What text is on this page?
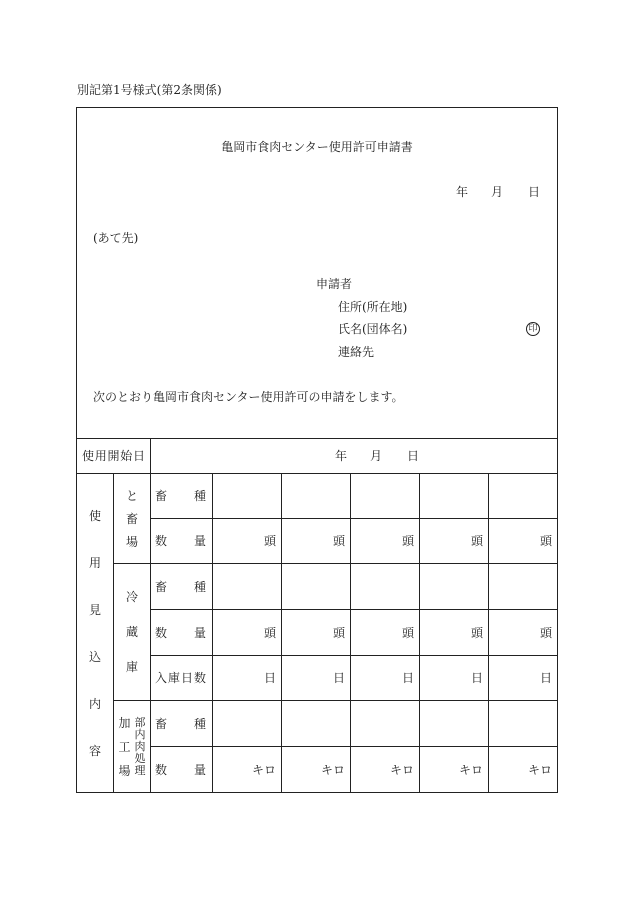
別記第1号様式(第2条関係)
亀岡市食肉センター使用許可申請書
年 月 日
(あて先)
申請者
住所(所在地)
氏名(団体名)	印
連絡先
次のとおり亀岡市食肉センター使用許可の申請をします。
使 用 開 始 日	年 月 日
使
用
見
込
内
容
と
畜
場
畜 種
数 量	頭	頭	頭	頭	頭
冷
蔵
庫
畜 種
数 量	頭	頭	頭	頭	頭
入 庫 日 数	日	日	日	日	日
部
内
肉
処
理
加
工
場
畜 種
数 量	キロ	キロ	キロ	キロ	キロ
